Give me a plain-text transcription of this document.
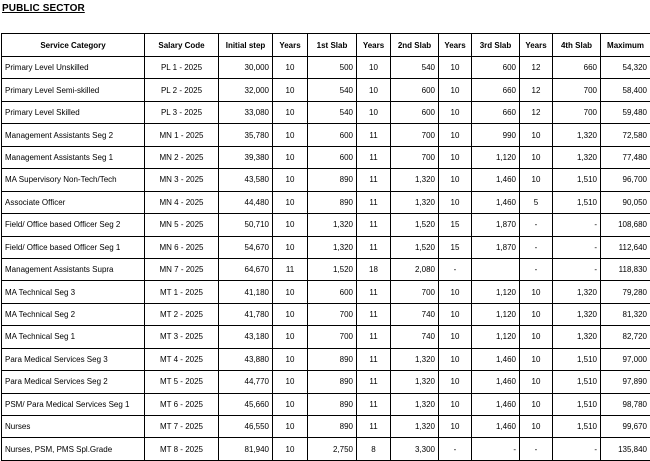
PUBLIC SECTOR
Service Category	Salary Code	Initial step	Years	1st Slab	Years	2nd Slab	Years	3rd Slab	Years	4th Slab	Maximum
Primary Level Unskilled	PL 1 - 2025	30,000	10	500	10	540	10	600	12	660	54,320
Primary Level Semi-skilled	PL 2 - 2025	32,000	10	540	10	600	10	660	12	700	58,400
Primary Level Skilled	PL 3 - 2025	33,080	10	540	10	600	10	660	12	700	59,480
Management Assistants Seg 2	MN 1 - 2025	35,780	10	600	11	700	10	990	10	1,320	72,580
Management Assistants Seg 1	MN 2 - 2025	39,380	10	600	11	700	10	1,120	10	1,320	77,480
MA Supervisory Non-Tech/Tech	MN 3 - 2025	43,580	10	890	11	1,320	10	1,460	10	1,510	96,700
Associate Officer	MN 4 - 2025	44,480	10	890	11	1,320	10	1,460	5	1,510	90,050
Field/ Office based Officer Seg 2	MN 5 - 2025	50,710	10	1,320	11	1,520	15	1,870	-	-	108,680
Field/ Office based Officer Seg 1	MN 6 - 2025	54,670	10	1,320	11	1,520	15	1,870	-	-	112,640
Management Assistants Supra	MN 7 - 2025	64,670	11	1,520	18	2,080	-		-	-	118,830
MA Technical Seg 3	MT 1 - 2025	41,180	10	600	11	700	10	1,120	10	1,320	79,280
MA Technical Seg 2	MT 2 - 2025	41,780	10	700	11	740	10	1,120	10	1,320	81,320
MA Technical Seg 1	MT 3 - 2025	43,180	10	700	11	740	10	1,120	10	1,320	82,720
Para Medical Services Seg 3	MT 4 - 2025	43,880	10	890	11	1,320	10	1,460	10	1,510	97,000
Para Medical Services Seg 2	MT 5 - 2025	44,770	10	890	11	1,320	10	1,460	10	1,510	97,890
PSM/ Para Medical Services Seg 1	MT 6 - 2025	45,660	10	890	11	1,320	10	1,460	10	1,510	98,780
Nurses	MT 7 - 2025	46,550	10	890	11	1,320	10	1,460	10	1,510	99,670
Nurses, PSM, PMS Spl.Grade	MT 8 - 2025	81,940	10	2,750	8	3,300	-	-	-	-	135,840
